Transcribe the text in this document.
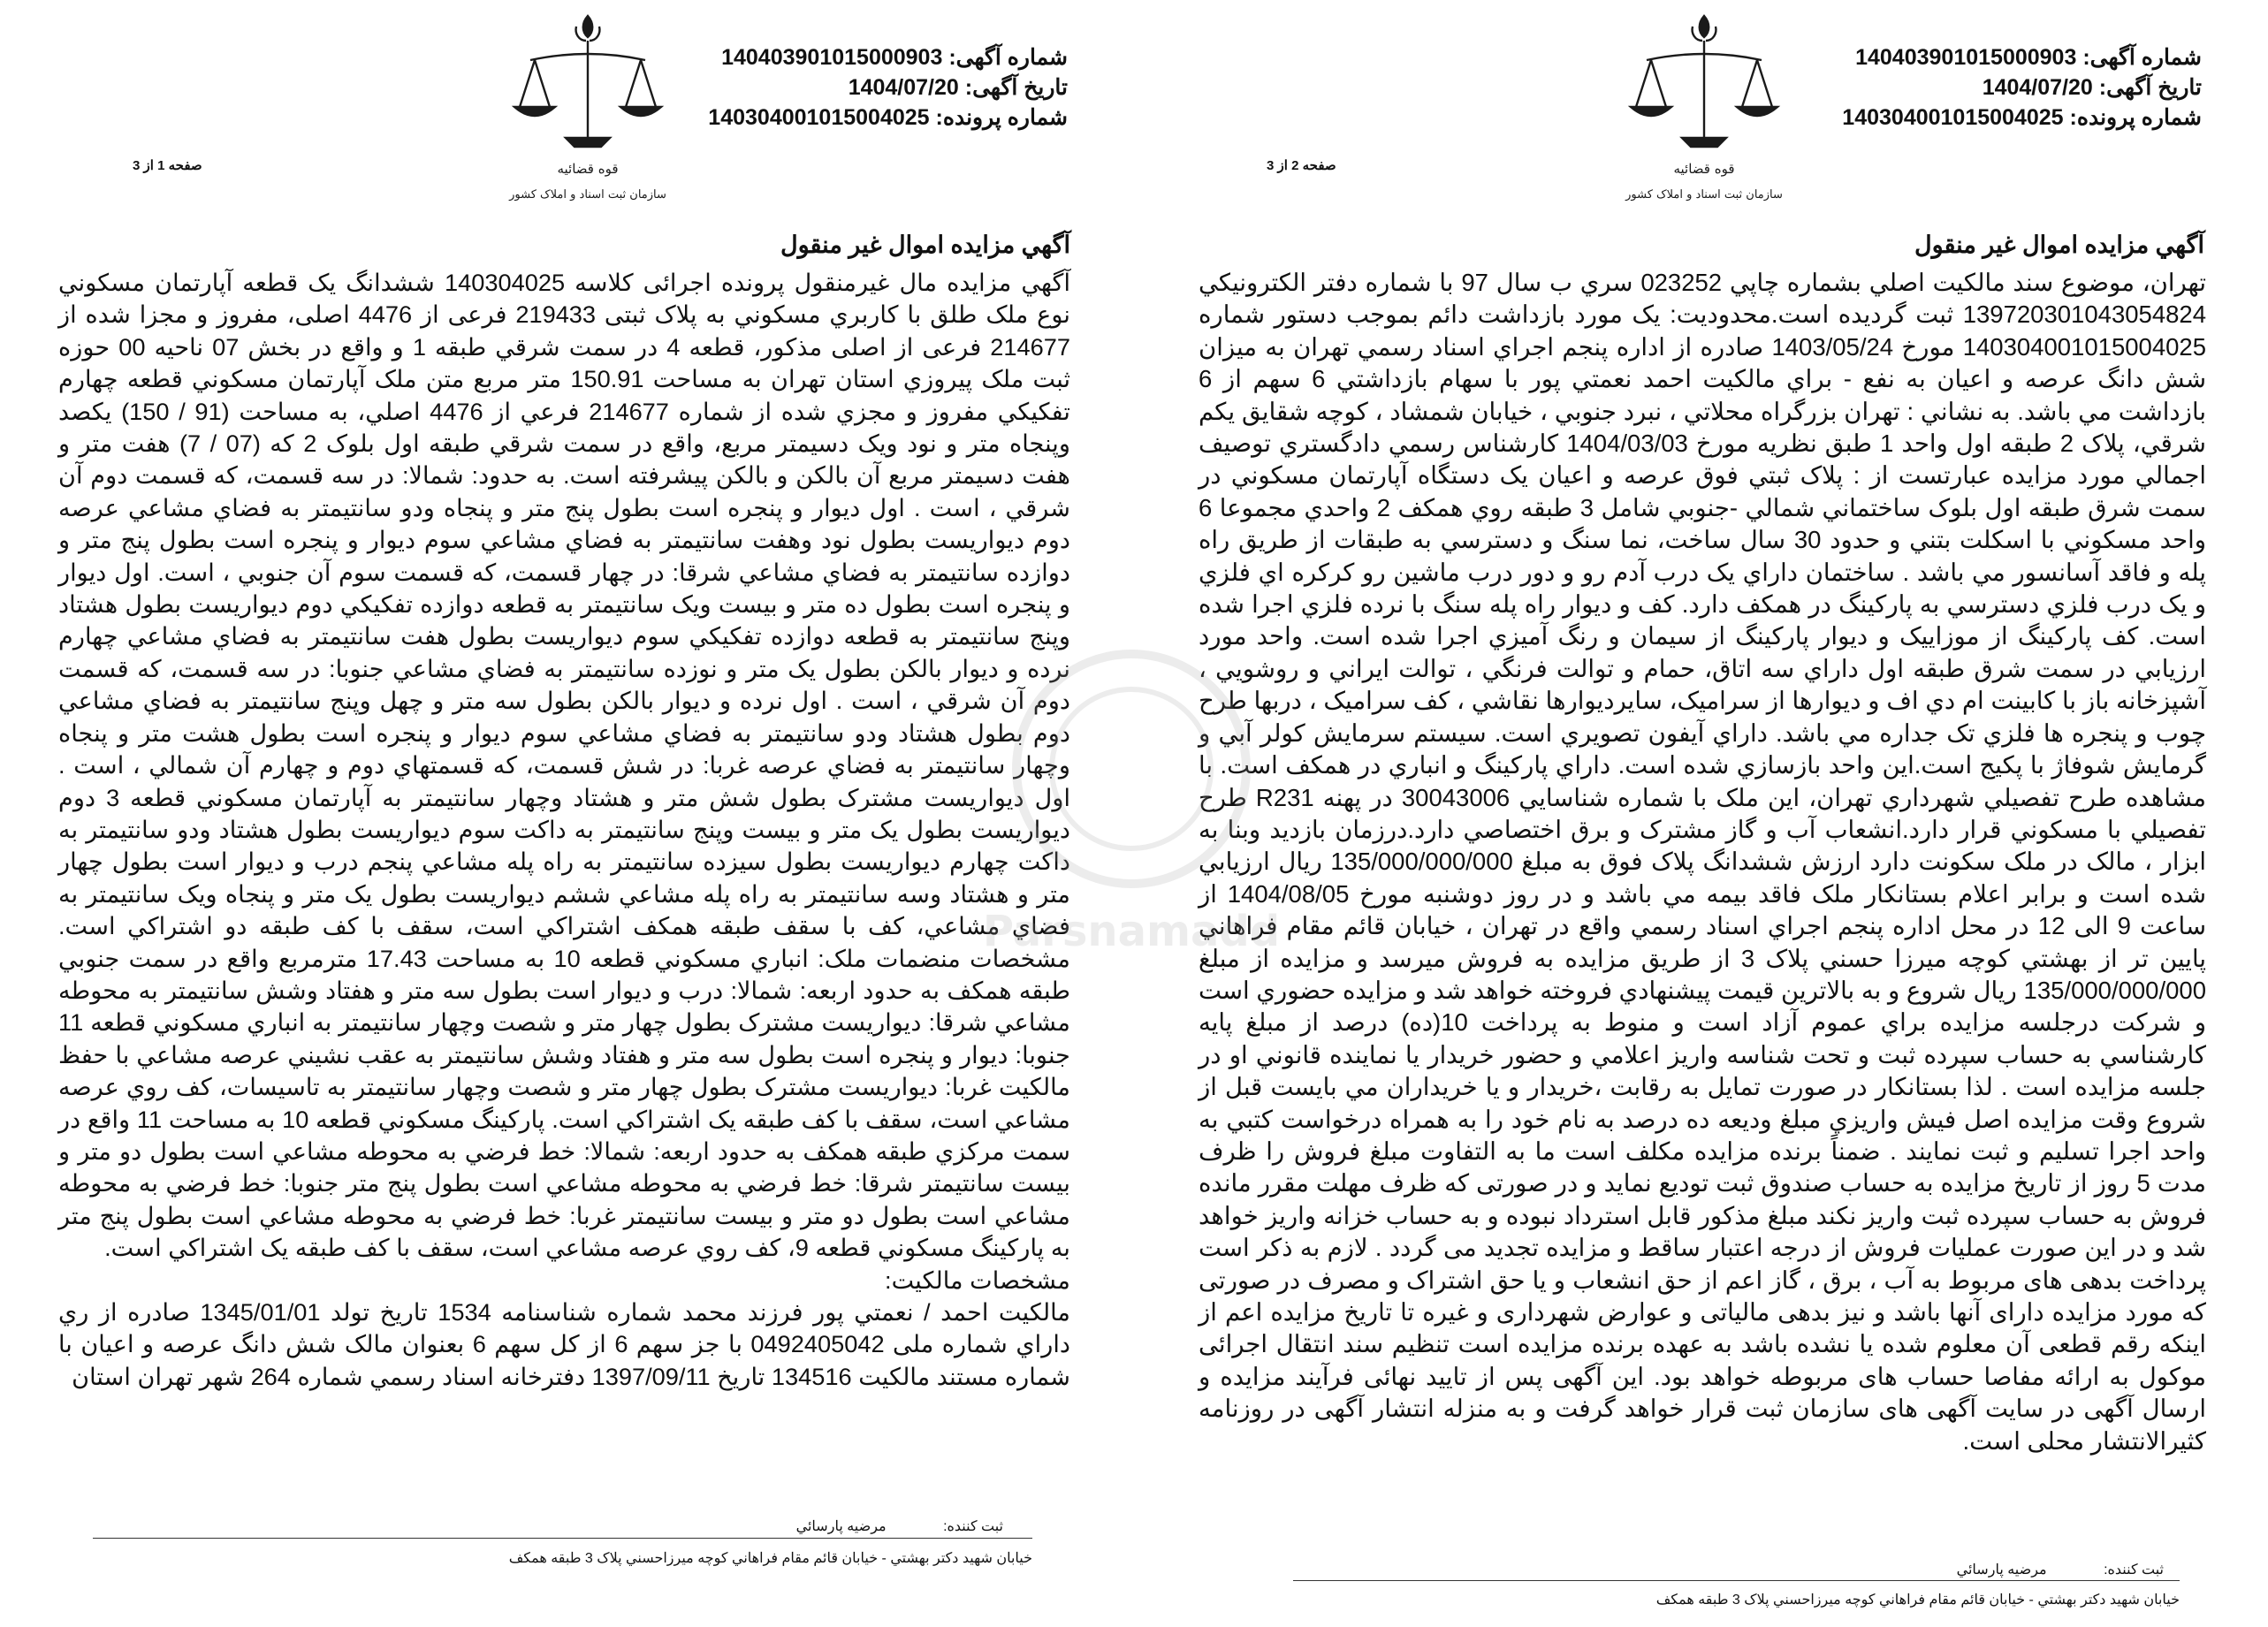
شماره آگهی: 140403901015000903
تاریخ آگهی: 1404/07/20
شماره پرونده: 140304001015004025
صفحه 2 از 3	قوه قضائيه
سازمان ثبت اسناد و املاک کشور
آگهي مزايده اموال غير منقول

تهران، موضوع سند مالكيت اصلي بشماره چاپي 023252 سري ب سال 97 با شماره دفتر الكترونيكي 139720301043054824 ثبت گرديده است.محدوديت: يک مورد بازداشت دائم بموجب دستور شماره 140304001015004025 مورخ 1403/05/24 صادره از اداره پنجم اجراي اسناد رسمي تهران به ميزان شش دانگ عرصه و اعيان به نفع - براي مالكيت احمد نعمتي پور با سهام بازداشتي 6 سهم از 6 بازداشت مي باشد. به نشاني : تهران بزرگراه محلاتي ، نبرد جنوبي ، خيابان شمشاد ، كوچه شقايق يكم شرقي، پلاک 2 طبقه اول واحد 1 طبق نظريه مورخ 1404/03/03 كارشناس رسمي دادگستري توصيف اجمالي مورد مزايده عبارتست از : پلاک ثبتي فوق عرصه و اعيان يک دستگاه آپارتمان مسكوني در سمت شرق طبقه اول بلوک ساختماني شمالي -جنوبي شامل 3 طبقه روي همكف 2 واحدي مجموعا 6 واحد مسكوني با اسكلت بتني و حدود 30 سال ساخت، نما سنگ و دسترسي به طبقات از طريق راه پله و فاقد آسانسور مي باشد . ساختمان داراي يک درب آدم رو و دور درب ماشين رو كركره اي فلزي و يک درب فلزي دسترسي به پاركينگ در همكف دارد. كف و ديوار راه پله سنگ با نرده فلزي اجرا شده است. كف پاركينگ از موزاييک و ديوار پاركينگ از سيمان و رنگ آميزي اجرا شده است. واحد مورد ارزيابي در سمت شرق طبقه اول داراي سه اتاق، حمام و توالت فرنگي ، توالت ايراني و روشويي ، آشپزخانه باز با كابينت ام دي اف و ديوارها از سراميک، سايرديوارها نقاشي ، كف سراميک ، دربها طرح چوب و پنجره ها فلزي تک جداره مي باشد. داراي آيفون تصويري است. سيستم سرمايش كولر آبي و گرمايش شوفاژ با پكيج است.اين واحد بازسازي شده است. داراي پاركينگ و انباري در همكف است. با مشاهده طرح تفصيلي شهرداري تهران، اين ملک با شماره شناسايي 30043006 در پهنه R231 طرح تفصيلي با مسكوني قرار دارد.انشعاب آب و گاز مشترک و برق اختصاصي دارد.درزمان بازديد وبنا به ابزار ، مالک در ملک سكونت دارد ارزش ششدانگ پلاک فوق به مبلغ 135/000/000/000 ريال ارزيابي شده است و برابر اعلام بستانكار ملک فاقد بيمه مي باشد و در روز دوشنبه مورخ 1404/08/05 از ساعت 9 الی 12 در محل اداره پنجم اجراي اسناد رسمي واقع در تهران ، خيابان قائم مقام فراهاني پايين تر از بهشتي كوچه ميرزا حسني پلاک 3 از طريق مزايده به فروش ميرسد و مزايده از مبلغ 135/000/000/000 ريال شروع و به بالاترين قيمت پيشنهادي فروخته خواهد شد و مزايده حضوري است و شركت درجلسه مزايده براي عموم آزاد است و منوط به پرداخت 10(ده) درصد از مبلغ پايه كارشناسي به حساب سپرده ثبت و تحت شناسه واريز اعلامي و حضور خريدار يا نماينده قانوني او در جلسه مزايده است . لذا بستانكار در صورت تمايل به رقابت ،خريدار و يا خريداران مي بايست قبل از شروع وقت مزايده اصل فيش واريزي مبلغ وديعه ده درصد به نام خود را به همراه درخواست كتبي به واحد اجرا تسليم و ثبت نمايند . ضمناً برنده مزايده مكلف است ما به التفاوت مبلغ فروش را ظرف مدت 5 روز از تاريخ مزايده به حساب صندوق ثبت توديع نمايد و در صورتی كه ظرف مهلت مقرر مانده فروش به حساب سپرده ثبت واريز نكند مبلغ مذكور قابل استرداد نبوده و به حساب خزانه واريز خواهد شد و در اين صورت عمليات فروش از درجه اعتبار ساقط و مزايده تجديد مى گردد . لازم به ذكر است پرداخت بدهی های مربوط به آب ، برق ، گاز اعم از حق انشعاب و يا حق اشتراک و مصرف در صورتی كه مورد مزايده دارای آنها باشد و نيز بدهی مالياتی و عوارض شهرداری و غيره تا تاريخ مزايده اعم از اينكه رقم قطعی آن معلوم شده يا نشده باشد به عهده برنده مزايده است تنظيم سند انتقال اجرائی موكول به ارائه مفاصا حساب های مربوطه خواهد بود. اين آگهی پس از تاييد نهائی فرآيند مزايده و ارسال آگهی در سايت آگهی های سازمان ثبت قرار خواهد گرفت و به منزله انتشار آگهی در روزنامه كثيرالانتشار محلی است.

ثبت كننده: مرضيه پارسائي
خيابان شهيد دكتر بهشتي - خيابان قائم مقام فراهاني كوچه ميرزاحسني پلاک 3 طبقه همكف
شماره آگهی: 140403901015000903
تاریخ آگهی: 1404/07/20
شماره پرونده: 140304001015004025
صفحه 1 از 3	قوه قضائيه
سازمان ثبت اسناد و املاک کشور
آگهي مزايده اموال غير منقول

آگهي مزايده مال غيرمنقول پرونده اجرائی كلاسه 140304025 ششدانگ يک قطعه آپارتمان مسكوني نوع ملک طلق با كاربري مسكوني به پلاک ثبتی 219433 فرعی از 4476 اصلی، مفروز و مجزا شده از 214677 فرعی از اصلی مذكور، قطعه 4 در سمت شرقي طبقه 1 و واقع در بخش 07 ناحيه 00 حوزه ثبت ملک پيروزي استان تهران به مساحت 150.91 متر مربع متن ملک آپارتمان مسكوني قطعه چهارم تفكيكي مفروز و مجزي شده از شماره 214677 فرعي از 4476 اصلي، به مساحت (91 / 150) يكصد وپنجاه متر و نود ويک دسيمتر مربع، واقع در سمت شرقي طبقه اول بلوک 2 كه (07 / 7) هفت متر و هفت دسيمتر مربع آن بالكن و بالكن پيشرفته است. به حدود: شمالا: در سه قسمت، كه قسمت دوم آن شرقي ، است . اول ديوار و پنجره است بطول پنج متر و پنجاه ودو سانتيمتر به فضاي مشاعي عرصه دوم ديواريست بطول نود وهفت سانتيمتر به فضاي مشاعي سوم ديوار و پنجره است بطول پنج متر و دوازده سانتيمتر به فضاي مشاعي شرقا: در چهار قسمت، كه قسمت سوم آن جنوبي ، است. اول ديوار و پنجره است بطول ده متر و بيست ويک سانتيمتر به قطعه دوازده تفكيكي دوم ديواريست بطول هشتاد وپنج سانتيمتر به قطعه دوازده تفكيكي سوم ديواريست بطول هفت سانتيمتر به فضاي مشاعي چهارم نرده و ديوار بالكن بطول يک متر و نوزده سانتيمتر به فضاي مشاعي جنوبا: در سه قسمت، كه قسمت دوم آن شرقي ، است . اول نرده و ديوار بالكن بطول سه متر و چهل وپنج سانتيمتر به فضاي مشاعي دوم بطول هشتاد ودو سانتيمتر به فضاي مشاعي سوم ديوار و پنجره است بطول هشت متر و پنجاه وچهار سانتيمتر به فضاي عرصه غربا: در شش قسمت، كه قسمتهاي دوم و چهارم آن شمالي ، است . اول ديواريست مشترک بطول شش متر و هشتاد وچهار سانتيمتر به آپارتمان مسكوني قطعه 3 دوم ديواريست بطول يک متر و بيست وپنج سانتيمتر به داكت سوم ديواريست بطول هشتاد ودو سانتيمتر به داكت چهارم ديواريست بطول سيزده سانتيمتر به راه پله مشاعي پنجم درب و ديوار است بطول چهار متر و هشتاد وسه سانتيمتر به راه پله مشاعي ششم ديواريست بطول يک متر و پنجاه ويک سانتيمتر به فضاي مشاعي، كف با سقف طبقه همكف اشتراكي است، سقف با كف طبقه دو اشتراكي است. مشخصات منضمات ملک: انباري مسكوني قطعه 10 به مساحت 17.43 مترمربع واقع در سمت جنوبي طبقه همكف به حدود اربعه: شمالا: درب و ديوار است بطول سه متر و هفتاد وشش سانتيمتر به محوطه مشاعي شرقا: ديواريست مشترک بطول چهار متر و شصت وچهار سانتيمتر به انباري مسكوني قطعه 11 جنوبا: ديوار و پنجره است بطول سه متر و هفتاد وشش سانتيمتر به عقب نشيني عرصه مشاعي با حفظ مالكيت غربا: ديواريست مشترک بطول چهار متر و شصت وچهار سانتيمتر به تاسيسات، كف روي عرصه مشاعي است، سقف با كف طبقه يک اشتراكي است. پاركينگ مسكوني قطعه 10 به مساحت 11 واقع در سمت مركزي طبقه همكف به حدود اربعه: شمالا: خط فرضي به محوطه مشاعي است بطول دو متر و بيست سانتيمتر شرقا: خط فرضي به محوطه مشاعي است بطول پنج متر جنوبا: خط فرضي به محوطه مشاعي است بطول دو متر و بيست سانتيمتر غربا: خط فرضي به محوطه مشاعي است بطول پنج متر به پاركينگ مسكوني قطعه 9، كف روي عرصه مشاعي است، سقف با كف طبقه يک اشتراكي است.
مشخصات مالكيت:
مالكيت احمد / نعمتي پور فرزند محمد شماره شناسنامه 1534 تاريخ تولد 1345/01/01 صادره از ري داراي شماره ملی 0492405042 با جز سهم 6 از كل سهم 6 بعنوان مالک شش دانگ عرصه و اعيان با شماره مستند مالكيت 134516 تاريخ 1397/09/11 دفترخانه اسناد رسمي شماره 264 شهر تهران استان

ثبت كننده: مرضيه پارسائي
خيابان شهيد دكتر بهشتي - خيابان قائم مقام فراهاني كوچه ميرزاحسني پلاک 3 طبقه همكف
Parsnamadd
